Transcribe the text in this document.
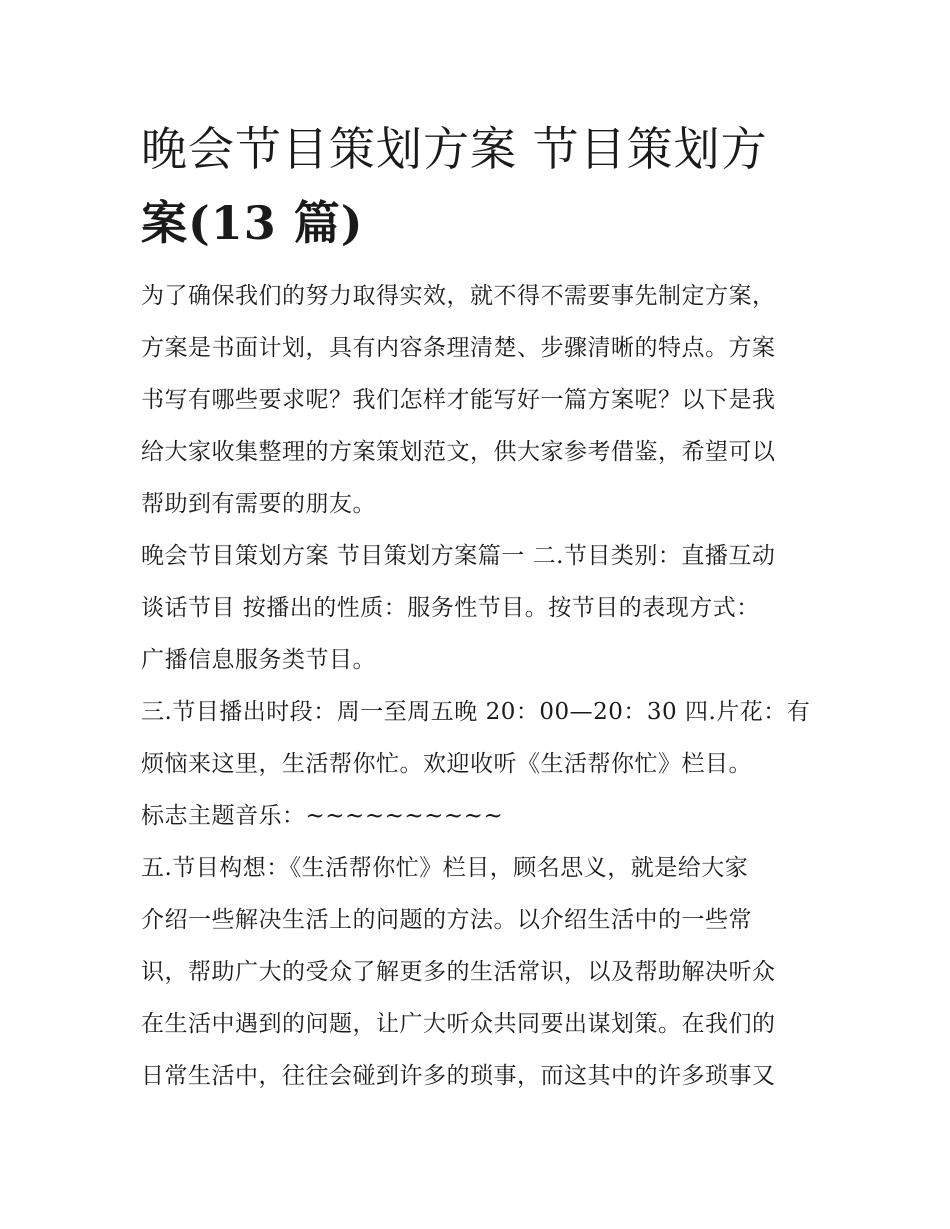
晚会节目策划方案 节目策划方
案(13 篇)

为了确保我们的努力取得实效，就不得不需要事先制定方案，
方案是书面计划，具有内容条理清楚、步骤清晰的特点。方案
书写有哪些要求呢？我们怎样才能写好一篇方案呢？以下是我
给大家收集整理的方案策划范文，供大家参考借鉴，希望可以
帮助到有需要的朋友。

晚会节目策划方案 节目策划方案篇一 二.节目类别：直播互动
谈话节目 按播出的性质：服务性节目。按节目的表现方式：
广播信息服务类节目。

三.节目播出时段：周一至周五晚 20：00—20：30 四.片花：有
烦恼来这里，生活帮你忙。欢迎收听《生活帮你忙》栏目。
标志主题音乐：~~~~~~~~~~

五.节目构想：《生活帮你忙》栏目，顾名思义，就是给大家
介绍一些解决生活上的问题的方法。以介绍生活中的一些常
识，帮助广大的受众了解更多的生活常识，以及帮助解决听众
在生活中遇到的问题，让广大听众共同要出谋划策。在我们的
日常生活中，往往会碰到许多的琐事，而这其中的许多琐事又
